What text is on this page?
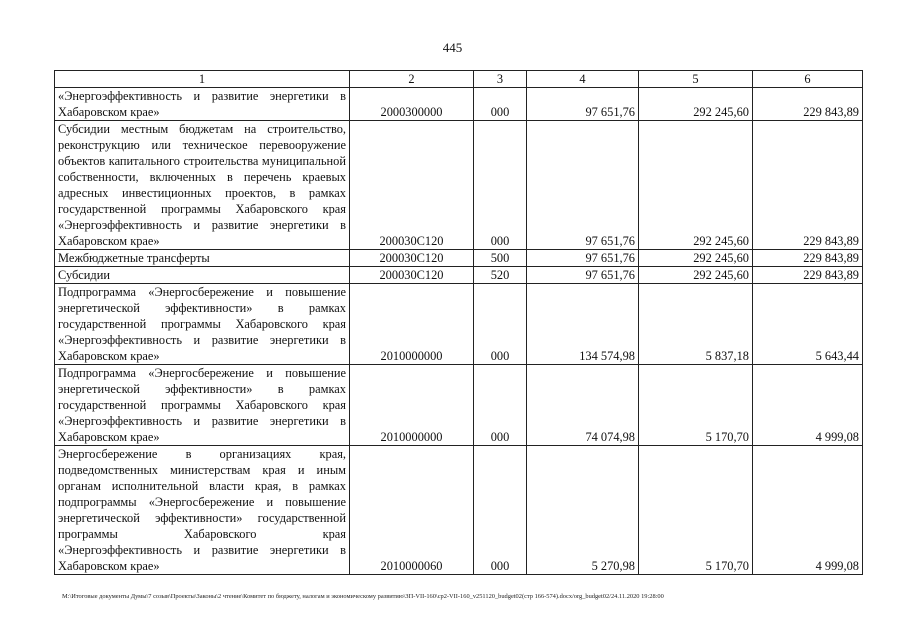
445
1	2	3	4	5	6
«Энергоэффективность и развитие энергетики в Хабаровском крае»	2000300000	000	97 651,76	292 245,60	229 843,89
Субсидии местным бюджетам на строительство, реконструкцию или техническое перевооружение объектов капитального строительства муниципальной собственности, включенных в перечень краевых адресных инвестиционных проектов, в рамках государственной программы Хабаровского края «Энергоэффективность и развитие энергетики в Хабаровском крае»	200030С120	000	97 651,76	292 245,60	229 843,89
Межбюджетные трансферты	200030С120	500	97 651,76	292 245,60	229 843,89
Субсидии	200030С120	520	97 651,76	292 245,60	229 843,89
Подпрограмма «Энергосбережение и повышение энергетической эффективности» в рамках государственной программы Хабаровского края «Энергоэффективность и развитие энергетики в Хабаровском крае»	2010000000	000	134 574,98	5 837,18	5 643,44
Подпрограмма «Энергосбережение и повышение энергетической эффективности» в рамках государственной программы Хабаровского края «Энергоэффективность и развитие энергетики в Хабаровском крае»	2010000000	000	74 074,98	5 170,70	4 999,08
Энергосбережение в организациях края, подведомственных министерствам края и иным органам исполнительной власти края, в рамках подпрограммы «Энергосбережение и повышение энергетической эффективности» государственной программы Хабаровского края «Энергоэффективность и развитие энергетики в Хабаровском крае»	2010000060	000	5 270,98	5 170,70	4 999,08
M:\Итоговые документы Думы\7 созыв\Проекты\Законы\2 чтение\Комитет по бюджету, налогам и экономическому развитию\ЗП-VII-160\ср2-VII-160_v251120_budget02(стр 166-574).docx/org_budget02/24.11.2020 19:28:00
